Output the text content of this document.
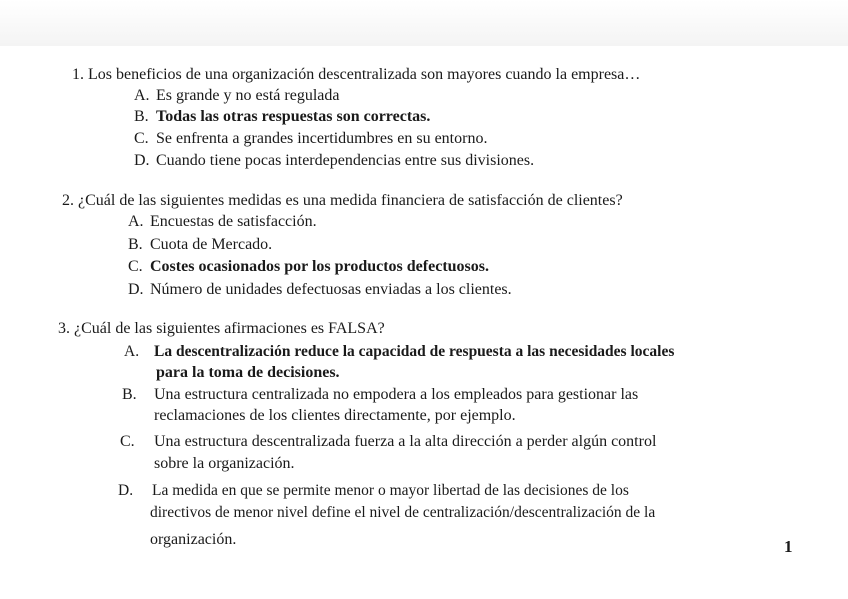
1. Los beneficios de una organización descentralizada son mayores cuando la empresa…
A. Es grande y no está regulada
B. Todas las otras respuestas son correctas.
C. Se enfrenta a grandes incertidumbres en su entorno.
D. Cuando tiene pocas interdependencias entre sus divisiones.
2. ¿Cuál de las siguientes medidas es una medida financiera de satisfacción de clientes?
A. Encuestas de satisfacción.
B. Cuota de Mercado.
C. Costes ocasionados por los productos defectuosos.
D. Número de unidades defectuosas enviadas a los clientes.
3. ¿Cuál de las siguientes afirmaciones es FALSA?
A. La descentralización reduce la capacidad de respuesta a las necesidades locales
para la toma de decisiones.
B. Una estructura centralizada no empodera a los empleados para gestionar las
reclamaciones de los clientes directamente, por ejemplo.
C. Una estructura descentralizada fuerza a la alta dirección a perder algún control
sobre la organización.
D. La medida en que se permite menor o mayor libertad de las decisiones de los
directivos de menor nivel define el nivel de centralización/descentralización de la
organización.	1
